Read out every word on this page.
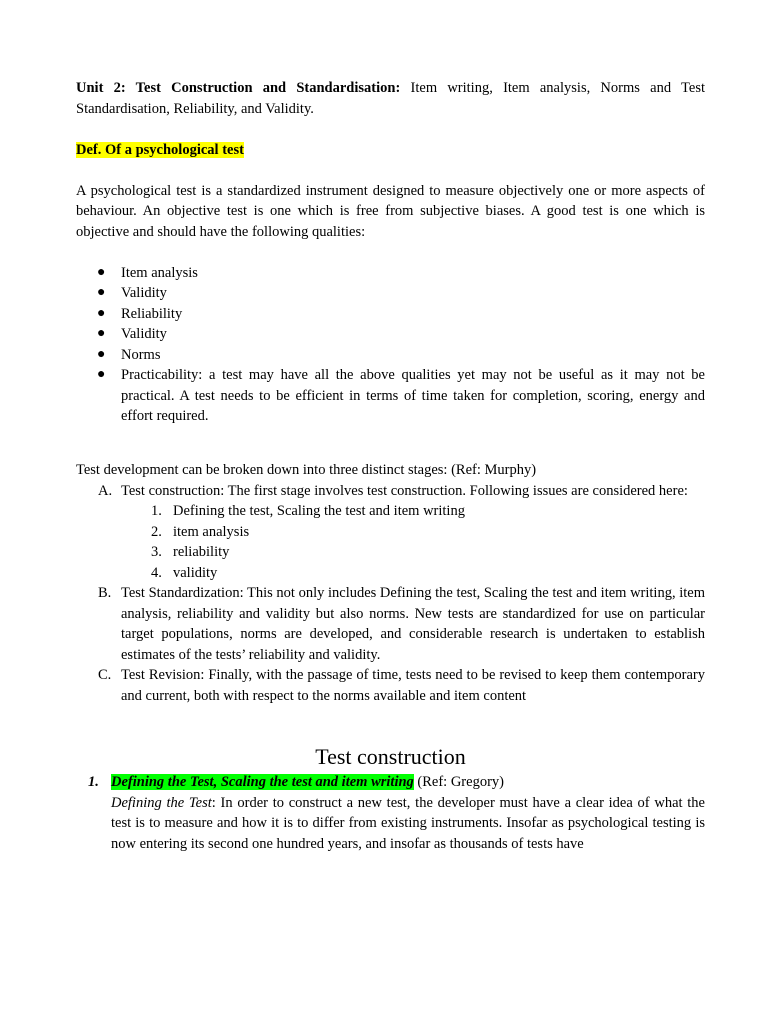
Unit 2: Test Construction and Standardisation: Item writing, Item analysis, Norms and Test Standardisation, Reliability, and Validity.

Def. Of a psychological test

A psychological test is a standardized instrument designed to measure objectively one or more aspects of behaviour. An objective test is one which is free from subjective biases. A good test is one which is objective and should have the following qualities:

● Item analysis
● Validity
● Reliability
● Validity
● Norms
● Practicability: a test may have all the above qualities yet may not be useful as it may not be practical. A test needs to be efficient in terms of time taken for completion, scoring, energy and effort required.

Test development can be broken down into three distinct stages: (Ref: Murphy)

A. Test construction: The first stage involves test construction. Following issues are considered here:
1. Defining the test, Scaling the test and item writing
2. item analysis
3. reliability
4. validity
B. Test Standardization: This not only includes Defining the test, Scaling the test and item writing, item analysis, reliability and validity but also norms. New tests are standardized for use on particular target populations, norms are developed, and considerable research is undertaken to establish estimates of the tests’ reliability and validity.
C. Test Revision: Finally, with the passage of time, tests need to be revised to keep them contemporary and current, both with respect to the norms available and item content
Test construction
1. Defining the Test, Scaling the test and item writing (Ref: Gregory)

Defining the Test: In order to construct a new test, the developer must have a clear idea of what the test is to measure and how it is to differ from existing instruments. Insofar as psychological testing is now entering its second one hundred years, and insofar as thousands of tests have
